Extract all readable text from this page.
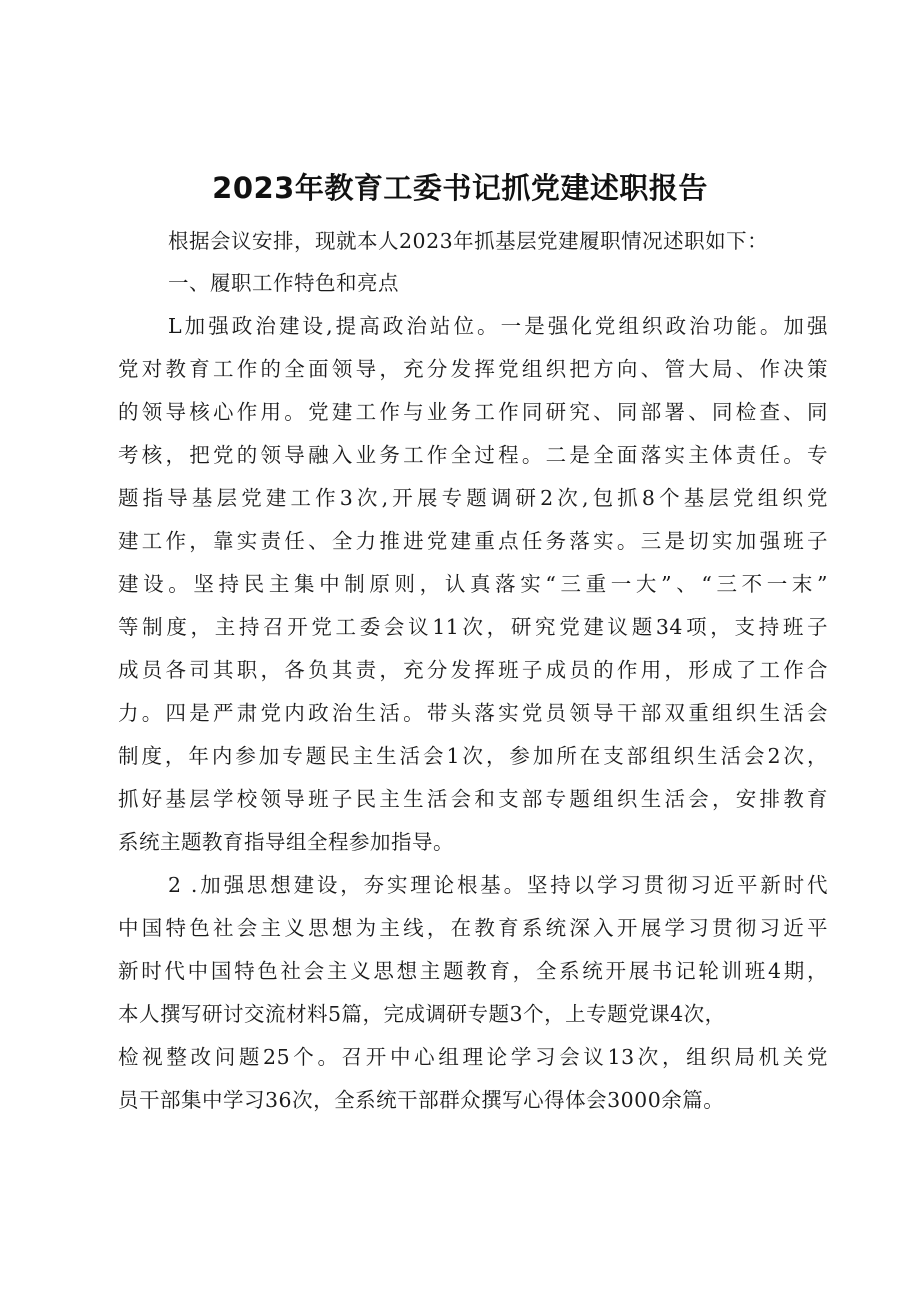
2023年教育工委书记抓党建述职报告
根据会议安排，现就本人2023年抓基层党建履职情况述职如下：
一、履职工作特色和亮点
L加强政治建设,提高政治站位。一是强化党组织政治功能。加强
党对教育工作的全面领导，充分发挥党组织把方向、管大局、作决策
的领导核心作用。党建工作与业务工作同研究、同部署、同检查、同
考核，把党的领导融入业务工作全过程。二是全面落实主体责任。专
题指导基层党建工作3次,开展专题调研2次,包抓8个基层党组织党
建工作，靠实责任、全力推进党建重点任务落实。三是切实加强班子
建设。坚持民主集中制原则，认真落实“三重一大”、“三不一末”
等制度，主持召开党工委会议11次，研究党建议题34项，支持班子
成员各司其职，各负其责，充分发挥班子成员的作用，形成了工作合
力。四是严肃党内政治生活。带头落实党员领导干部双重组织生活会
制度，年内参加专题民主生活会1次，参加所在支部组织生活会2次，
抓好基层学校领导班子民主生活会和支部专题组织生活会，安排教育
系统主题教育指导组全程参加指导。
2 .加强思想建设，夯实理论根基。坚持以学习贯彻习近平新时代
中国特色社会主义思想为主线，在教育系统深入开展学习贯彻习近平
新时代中国特色社会主义思想主题教育，全系统开展书记轮训班4期，
本人撰写研讨交流材料5篇，完成调研专题3个，上专题党课4次，
检视整改问题25个。召开中心组理论学习会议13次，组织局机关党
员干部集中学习36次，全系统干部群众撰写心得体会3000余篇。
